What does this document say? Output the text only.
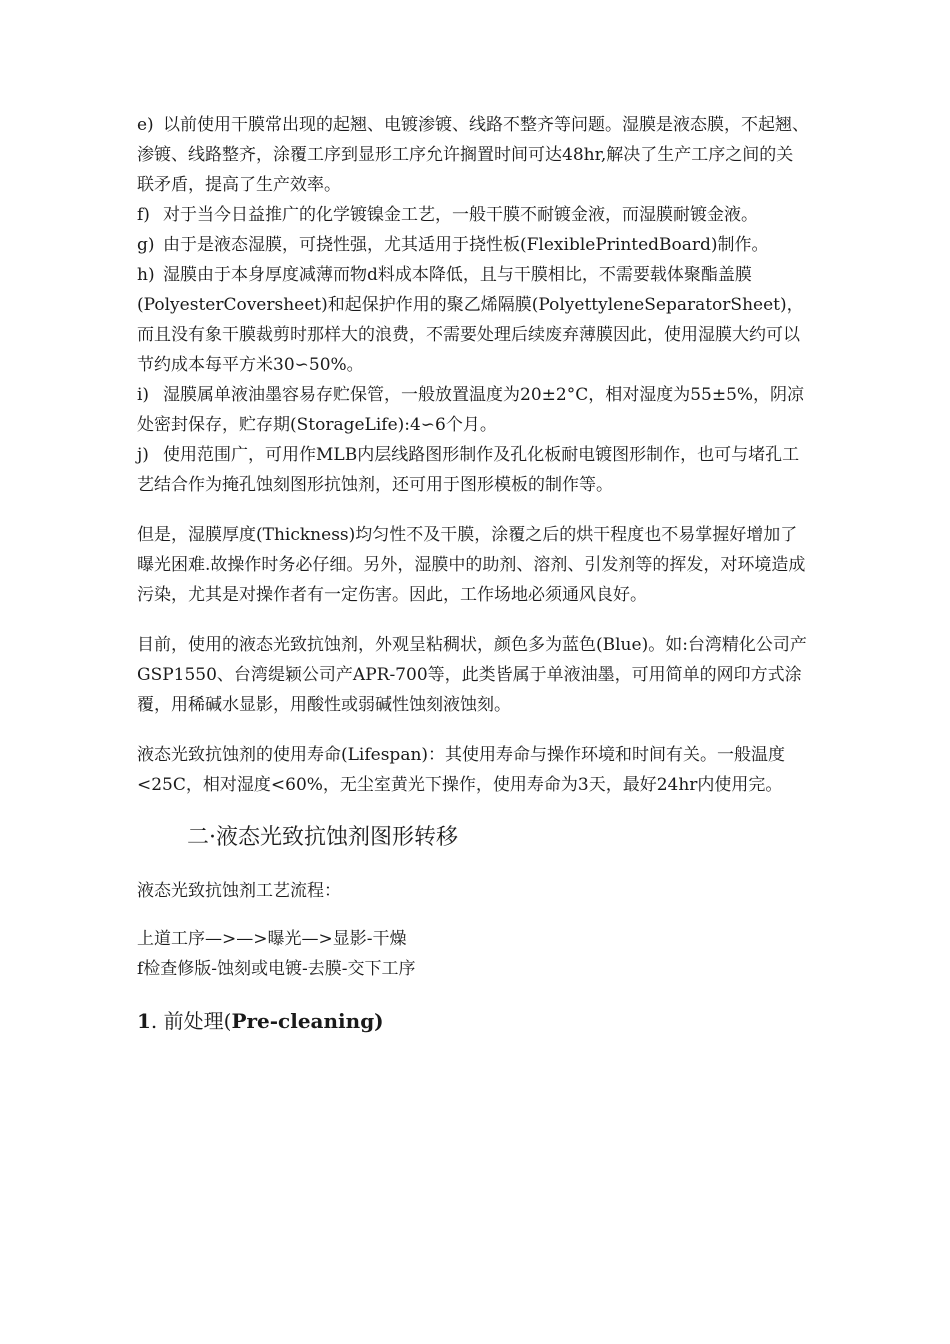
e) 以前使用干膜常出现的起翘、电镀渗镀、线路不整齐等问题。湿膜是液态膜，不起翘、渗镀、线路整齐，涂覆工序到显形工序允许搁置时间可达48hr,解决了生产工序之间的关联矛盾，提高了生产效率。

f) 对于当今日益推广的化学镀镍金工艺，一般干膜不耐镀金液，而湿膜耐镀金液。

g) 由于是液态湿膜，可挠性强，尤其适用于挠性板(FlexiblePrintedBoard)制作。

h) 湿膜由于本身厚度减薄而物d料成本降低，且与干膜相比，不需要载体聚酯盖膜(PolyesterCoversheet)和起保护作用的聚乙烯隔膜(PolyettyleneSeparatorSheet)，而且没有象干膜裁剪时那样大的浪费，不需要处理后续废弃薄膜因此，使用湿膜大约可以节约成本每平方米30∽50%。

i) 湿膜属单液油墨容易存贮保管，一般放置温度为20±2°C，相对湿度为55±5%，阴凉处密封保存，贮存期(StorageLife):4∽6个月。

j) 使用范围广，可用作MLB内层线路图形制作及孔化板耐电镀图形制作，也可与堵孔工艺结合作为掩孔蚀刻图形抗蚀剂，还可用于图形模板的制作等。

但是，湿膜厚度(Thickness)均匀性不及干膜，涂覆之后的烘干程度也不易掌握好增加了曝光困难.故操作时务必仔细。另外，湿膜中的助剂、溶剂、引发剂等的挥发，对环境造成污染，尤其是对操作者有一定伤害。因此，工作场地必须通风良好。

目前，使用的液态光致抗蚀剂，外观呈粘稠状，颜色多为蓝色(Blue)。如:台湾精化公司产GSP1550、台湾缇颖公司产APR-700等，此类皆属于单液油墨，可用简单的网印方式涂覆，用稀碱水显影，用酸性或弱碱性蚀刻液蚀刻。

液态光致抗蚀剂的使用寿命(Lifespan)：其使用寿命与操作环境和时间有关。一般温度<25C，相对湿度<60%，无尘室黄光下操作，使用寿命为3天，最好24hr内使用完。

二·液态光致抗蚀剂图形转移

液态光致抗蚀剂工艺流程：

上道工序—>—>曝光—>显影-干燥

f检查修版-蚀刻或电镀-去膜-交下工序

1. 前处理(Pre-cleaning)
